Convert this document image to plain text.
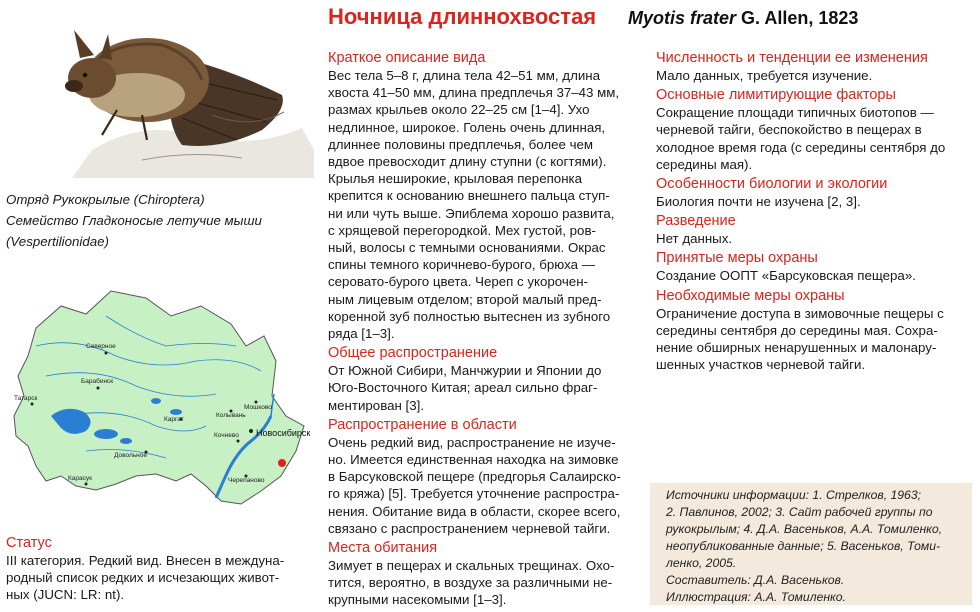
Ночница длиннохвостая Myotis frater G. Allen, 1823
Отряд Рукокрылые (Chiroptera)
Семейство Гладконосые летучие мыши
(Vespertilionidae)
Татарск
Северное
Барабинск
Каргат
Колывань
Мошково
Новосибирск
Кочнево
Довольное
Карасук	Черепаново
Статус

III категория. Редкий вид. Внесен в междуна-

родный список редких и исчезающих живот-

ных (JUCN: LR: nt).

Краткое описание вида

Вес тела 5–8 г, длина тела 42–51 мм, длина

хвоста 41–50 мм, длина предплечья 37–43 мм,

размах крыльев около 22–25 см [1–4]. Ухо

недлинное, широкое. Голень очень длинная,

длиннее половины предплечья, более чем

вдвое превосходит длину ступни (с когтями).

Крылья неширокие, крыловая перепонка

крепится к основанию внешнего пальца ступ-

ни или чуть выше. Эпиблема хорошо развита,

с хрящевой перегородкой. Мех густой, ров-

ный, волосы с темными основаниями. Окрас

спины темного коричнево-бурого, брюха —

серовато-бурого цвета. Череп с укорочен-

ным лицевым отделом; второй малый пред-

коренной зуб полностью вытеснен из зубного

ряда [1–3].

Общее распространение

От Южной Сибири, Манчжурии и Японии до

Юго-Восточного Китая; ареал сильно фраг-

ментирован [3].

Распространение в области

Очень редкий вид, распространение не изуче-

но. Имеется единственная находка на зимовке

в Барсуковской пещере (предгорья Салаирско-

го кряжа) [5]. Требуется уточнение распростра-

нения. Обитание вида в области, скорее всего,

связано с распространением черневой тайги.

Места обитания

Зимует в пещерах и скальных трещинах. Охо-

тится, вероятно, в воздухе за различными не-

крупными насекомыми [1–3].

Численность и тенденции ее изменения

Мало данных, требуется изучение.

Основные лимитирующие факторы

Сокращение площади типичных биотопов —

черневой тайги, беспокойство в пещерах в

холодное время года (с середины сентября до

середины мая).

Особенности биологии и экологии

Биология почти не изучена [2, 3].

Разведение

Нет данных.

Принятые меры охраны

Создание ООПТ «Барсуковская пещера».

Необходимые меры охраны

Ограничение доступа в зимовочные пещеры с

середины сентября до середины мая. Сохра-

нение обширных ненарушенных и малонару-

шенных участков черневой тайги.

Источники информации: 1. Стрелков, 1963;

2. Павлинов, 2002; 3. Сайт рабочей группы по

рукокрылым; 4. Д.А. Васеньков, А.А. Томиленко,

неопубликованные данные; 5. Васеньков, Томи-

ленко, 2005.

Составитель: Д.А. Васеньков.

Иллюстрация: А.А. Томиленко.
